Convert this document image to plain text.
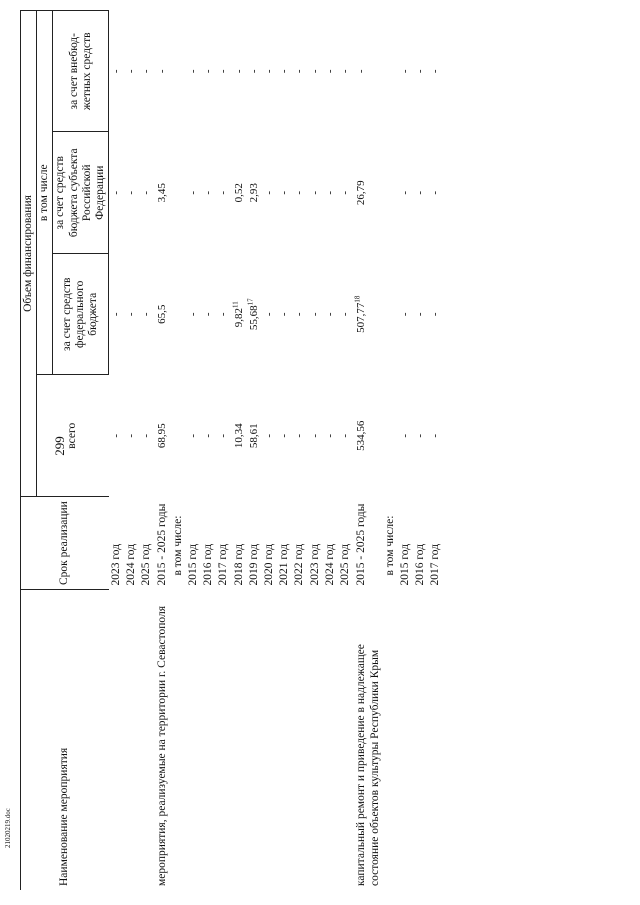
299
Наименование мероприятия	Срок реализации	Объем финансирования			
		всего	в том числе		
			за счет средств федерального бюджета	за счет средств бюджета субъекта Российской Федерации	за счет внебюд-жетных средств
	2023 год	-	-	-	-
	2024 год	-	-	-	-
	2025 год	-	-	-	-
мероприятия, реализуемые на территории г. Севастополя	2015 - 2025 годы	68,95	65,5	3,45	-
	в том числе:				
	2015 год	-	-	-	-
	2016 год	-	-	-	-
	2017 год	-	-	-	-
	2018 год	10,34	9,82$^{11}$	0,52	-
	2019 год	58,61	55,68$^{17}$	2,93	-
	2020 год	-	-	-	-
	2021 год	-	-	-	-
	2022 год	-	-	-	-
	2023 год	-	-	-	-
	2024 год	-	-	-	-
	2025 год	-	-	-	-
капитальный ремонт и приведение в надлежащее состояние объектов культуры Республики Крым	2015 - 2025 годы	534,56	507,77$^{18}$	26,79	-
	в том числе:				
	2015 год	-	-	-	-
	2016 год	-	-	-	-
	2017 год	-	-	-	-
21020219.doc
